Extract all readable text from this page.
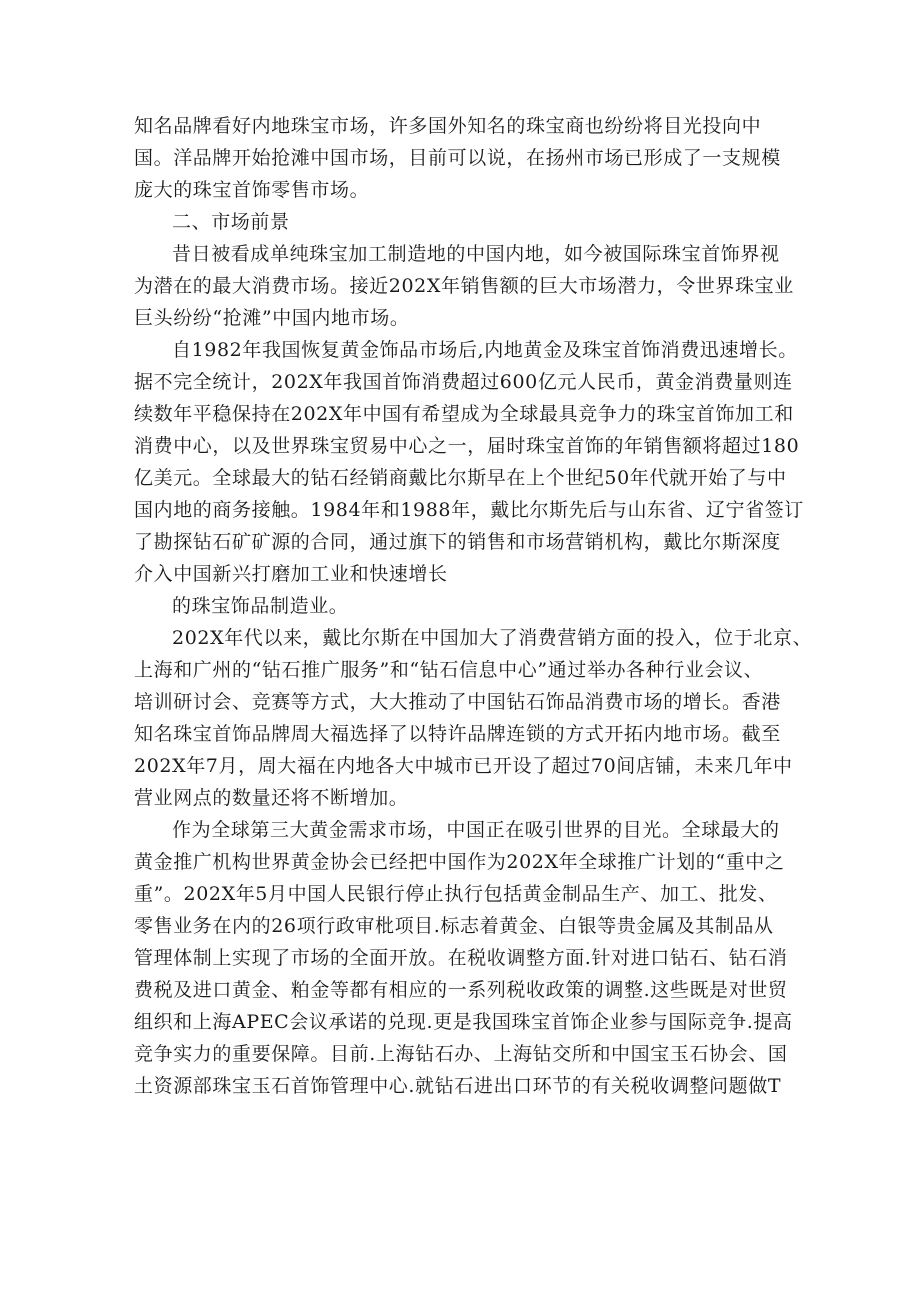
知名品牌看好内地珠宝市场，许多国外知名的珠宝商也纷纷将目光投向中
国。洋品牌开始抢滩中国市场，目前可以说，在扬州市场已形成了一支规模
庞大的珠宝首饰零售市场。
二、市场前景
昔日被看成单纯珠宝加工制造地的中国内地，如今被国际珠宝首饰界视
为潜在的最大消费市场。接近202X年销售额的巨大市场潜力，令世界珠宝业
巨头纷纷“抢滩”中国内地市场。
自1982年我国恢复黄金饰品市场后,内地黄金及珠宝首饰消费迅速增长。
据不完全统计，202X年我国首饰消费超过600亿元人民币，黄金消费量则连
续数年平稳保持在202X年中国有希望成为全球最具竞争力的珠宝首饰加工和
消费中心，以及世界珠宝贸易中心之一，届时珠宝首饰的年销售额将超过180
亿美元。全球最大的钻石经销商戴比尔斯早在上个世纪50年代就开始了与中
国内地的商务接触。1984年和1988年，戴比尔斯先后与山东省、辽宁省签订
了勘探钻石矿矿源的合同，通过旗下的销售和市场营销机构，戴比尔斯深度
介入中国新兴打磨加工业和快速增长
的珠宝饰品制造业。
202X年代以来，戴比尔斯在中国加大了消费营销方面的投入，位于北京、
上海和广州的“钻石推广服务”和“钻石信息中心”通过举办各种行业会议、
培训研讨会、竞赛等方式，大大推动了中国钻石饰品消费市场的增长。香港
知名珠宝首饰品牌周大福选择了以特许品牌连锁的方式开拓内地市场。截至
202X年7月，周大福在内地各大中城市已开设了超过70间店铺，未来几年中
营业网点的数量还将不断增加。
作为全球第三大黄金需求市场，中国正在吸引世界的目光。全球最大的
黄金推广机构世界黄金协会已经把中国作为202X年全球推广计划的“重中之
重”。202X年5月中国人民银行停止执行包括黄金制品生产、加工、批发、
零售业务在内的26项行政审枇项目.标志着黄金、白银等贵金属及其制品从
管理体制上实现了市场的全面开放。在税收调整方面.针对进口钻石、钻石消
费税及进口黄金、粕金等都有相应的一系列税收政策的调整.这些既是对世贸
组织和上海APEC会议承诺的兑现.更是我国珠宝首饰企业参与国际竞争.提高
竞争实力的重要保障。目前.上海钻石办、上海钻交所和中国宝玉石协会、国
土资源部珠宝玉石首饰管理中心.就钻石进出口环节的有关税收调整问题做T
